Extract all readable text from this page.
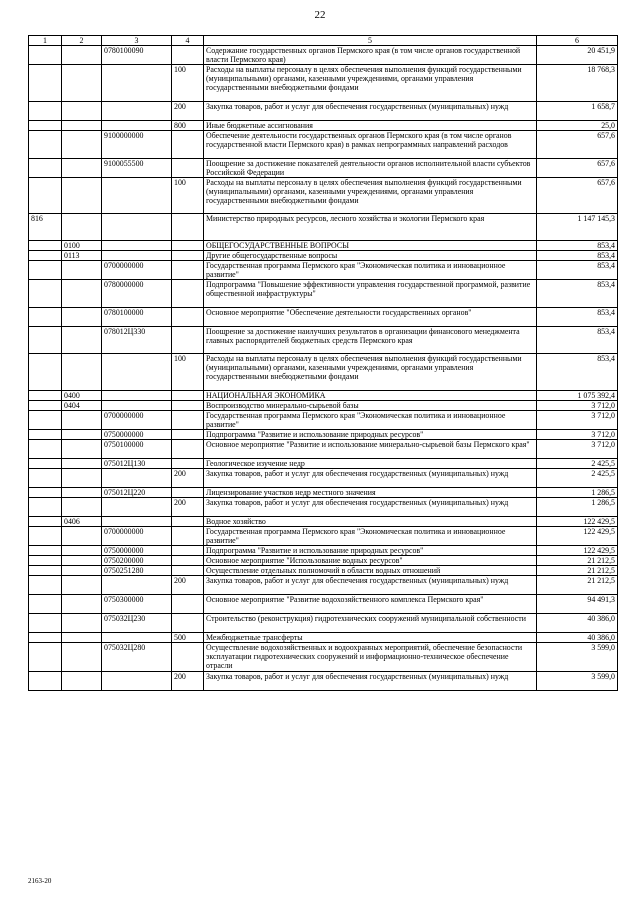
22
1	2	3	4	5	6
		0780100090		Содержание государственных органов Пермского края (в том числе органов государственной власти Пермского края)	20 451,9
			100	Расходы на выплаты персоналу в целях обеспечения выполнения функций государственными (муниципальными) органами, казенными учреждениями, органами управления государственными внебюджетными фондами	18 768,3
			200	Закупка товаров, работ и услуг для обеспечения государственных (муниципальных) нужд	1 658,7
			800	Иные бюджетные ассигнования	25,0
		9100000000		Обеспечение деятельности государственных органов Пермского края (в том числе органов государственной власти Пермского края) в рамках непрограммных направлений расходов	657,6
		9100055500		Поощрение за достижение показателей деятельности органов исполнительной власти субъектов Российской Федерации	657,6
			100	Расходы на выплаты персоналу в целях обеспечения выполнения функций государственными (муниципальными) органами, казенными учреждениями, органами управления государственными внебюджетными фондами	657,6
816				Министерство природных ресурсов, лесного хозяйства и экологии Пермского края	1 147 145,3
	0100			ОБЩЕГОСУДАРСТВЕННЫЕ ВОПРОСЫ	853,4
	0113			Другие общегосударственные вопросы	853,4
		0700000000		Государственная программа Пермского края "Экономическая политика и инновационное развитие"	853,4
		0780000000		Подпрограмма "Повышение эффективности управления государственной программой, развитие общественной инфраструктуры"	853,4
		0780100000		Основное мероприятие "Обеспечение деятельности государственных органов"	853,4
		078012Ц330		Поощрение за достижение наилучших результатов в организации финансового менеджмента главных распорядителей бюджетных средств Пермского края	853,4
			100	Расходы на выплаты персоналу в целях обеспечения выполнения функций государственными (муниципальными) органами, казенными учреждениями, органами управления государственными внебюджетными фондами	853,4
	0400			НАЦИОНАЛЬНАЯ ЭКОНОМИКА	1 075 392,4
	0404			Воспроизводство минерально-сырьевой базы	3 712,0
		0700000000		Государственная программа Пермского края "Экономическая политика и инновационное развитие"	3 712,0
		0750000000		Подпрограмма "Развитие и использование природных ресурсов"	3 712,0
		0750100000		Основное мероприятие "Развитие и использование минерально-сырьевой базы Пермского края"	3 712,0
		075012Ц130		Геологическое изучение недр	2 425,5
			200	Закупка товаров, работ и услуг для обеспечения государственных (муниципальных) нужд	2 425,5
		075012Ц220		Лицензирование участков недр местного значения	1 286,5
			200	Закупка товаров, работ и услуг для обеспечения государственных (муниципальных) нужд	1 286,5
	0406			Водное хозяйство	122 429,5
		0700000000		Государственная программа Пермского края "Экономическая политика и инновационное развитие"	122 429,5
		0750000000		Подпрограмма "Развитие и использование природных ресурсов"	122 429,5
		0750200000		Основное мероприятие "Использование водных ресурсов"	21 212,5
		0750251280		Осуществление отдельных полномочий в области водных отношений	21 212,5
			200	Закупка товаров, работ и услуг для обеспечения государственных (муниципальных) нужд	21 212,5
		0750300000		Основное мероприятие "Развитие водохозяйственного комплекса Пермского края"	94 491,3
		075032Ц230		Строительство (реконструкция) гидротехнических сооружений муниципальной собственности	40 386,0
			500	Межбюджетные трансферты	40 386,0
		075032Ц280		Осуществление водохозяйственных и водоохранных мероприятий, обеспечение безопасности эксплуатации гидротехнических сооружений и информационно-техническое обеспечение отрасли	3 599,0
			200	Закупка товаров, работ и услуг для обеспечения государственных (муниципальных) нужд	3 599,0
2163-20
